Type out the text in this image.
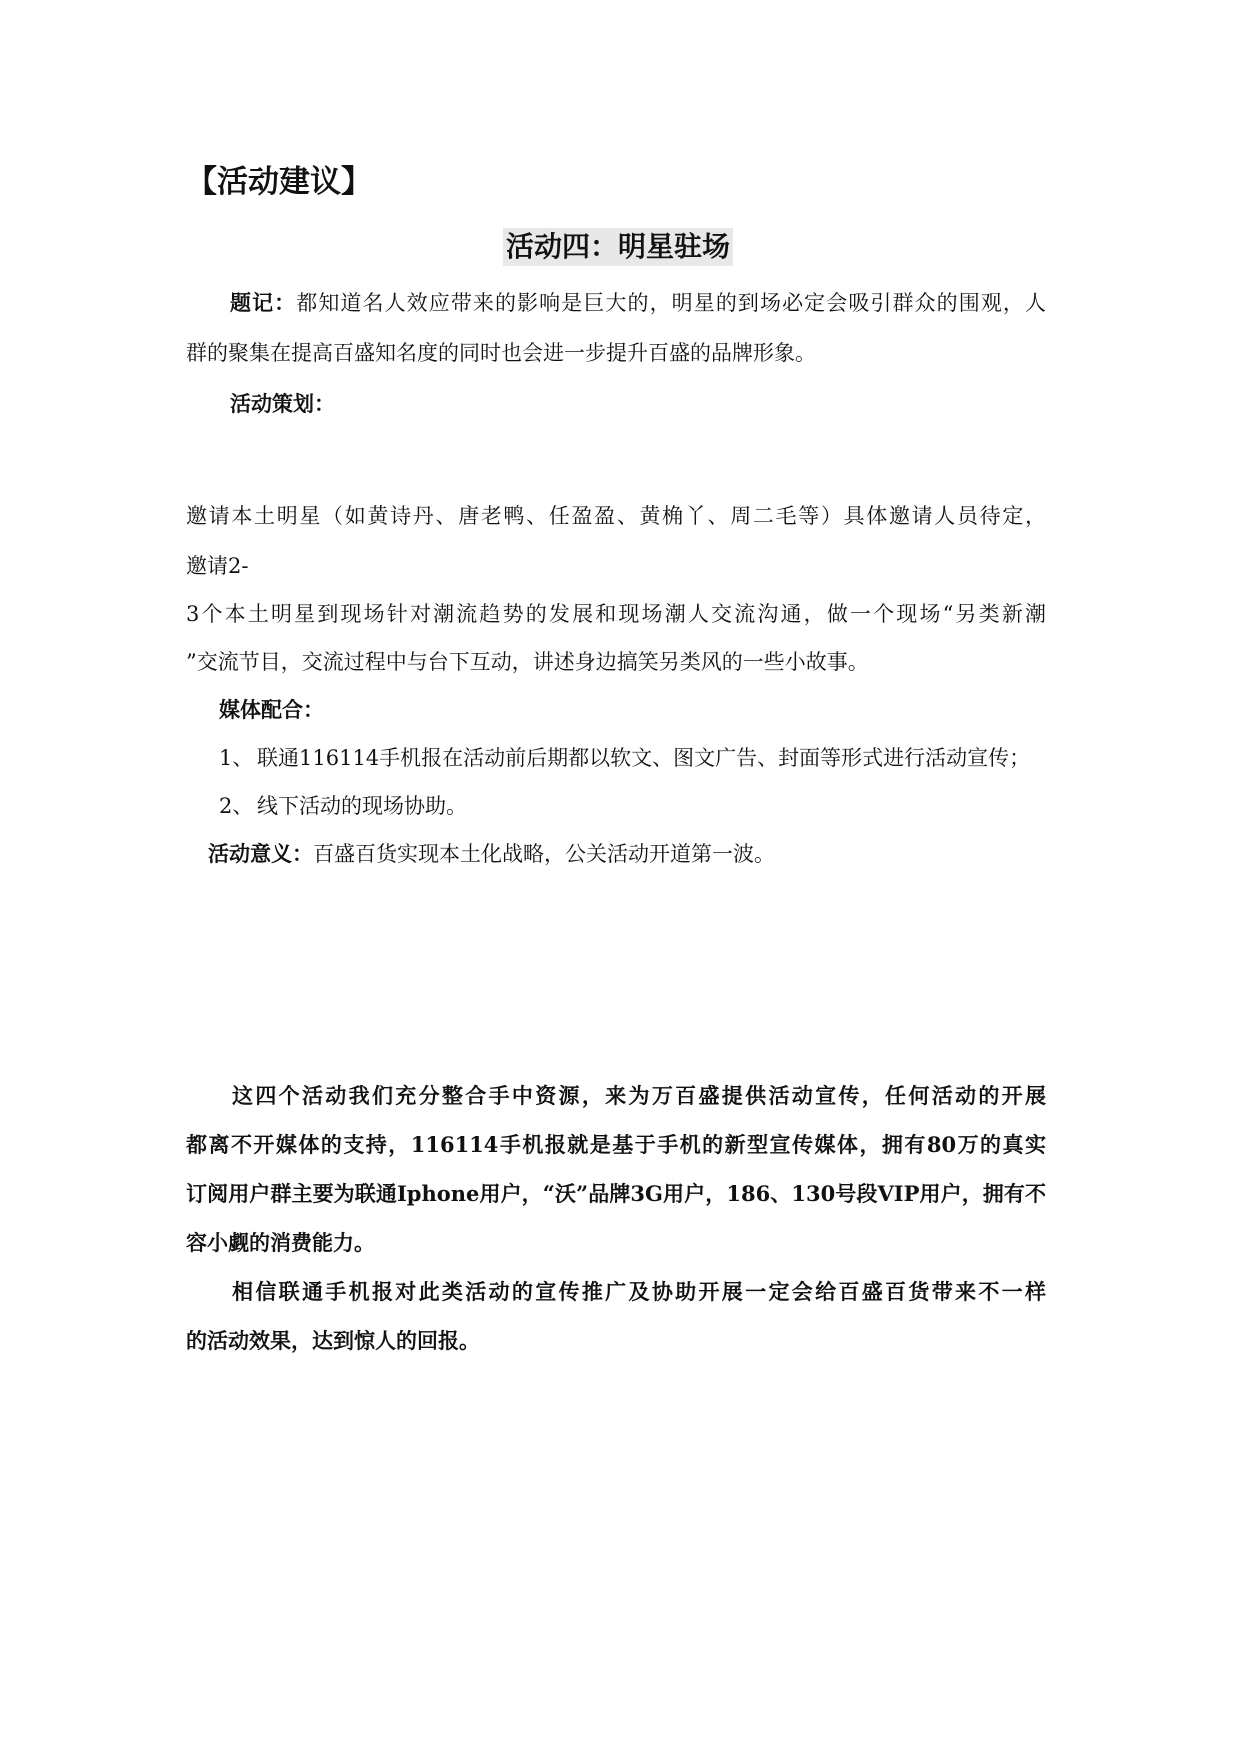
【活动建议】
活动四：明星驻场
题记：都知道名人效应带来的影响是巨大的，明星的到场必定会吸引群众的围观，人
群的聚集在提高百盛知名度的同时也会进一步提升百盛的品牌形象。
活动策划：
邀请本土明星（如黄诗丹、唐老鸭、任盈盈、黄桷丫、周二毛等）具体邀请人员待定，
邀请2-
3个本土明星到现场针对潮流趋势的发展和现场潮人交流沟通，做一个现场“另类新潮
”交流节目，交流过程中与台下互动，讲述身边搞笑另类风的一些小故事。
媒体配合：
1、 联通116114手机报在活动前后期都以软文、图文广告、封面等形式进行活动宣传；
2、 线下活动的现场协助。
活动意义：百盛百货实现本土化战略，公关活动开道第一波。
这四个活动我们充分整合手中资源，来为万百盛提供活动宣传，任何活动的开展
都离不开媒体的支持，116114手机报就是基于手机的新型宣传媒体，拥有80万的真实
订阅用户群主要为联通Iphone用户，“沃”品牌3G用户，186、130号段VIP用户，拥有不
容小觑的消费能力。
相信联通手机报对此类活动的宣传推广及协助开展一定会给百盛百货带来不一样
的活动效果，达到惊人的回报。
